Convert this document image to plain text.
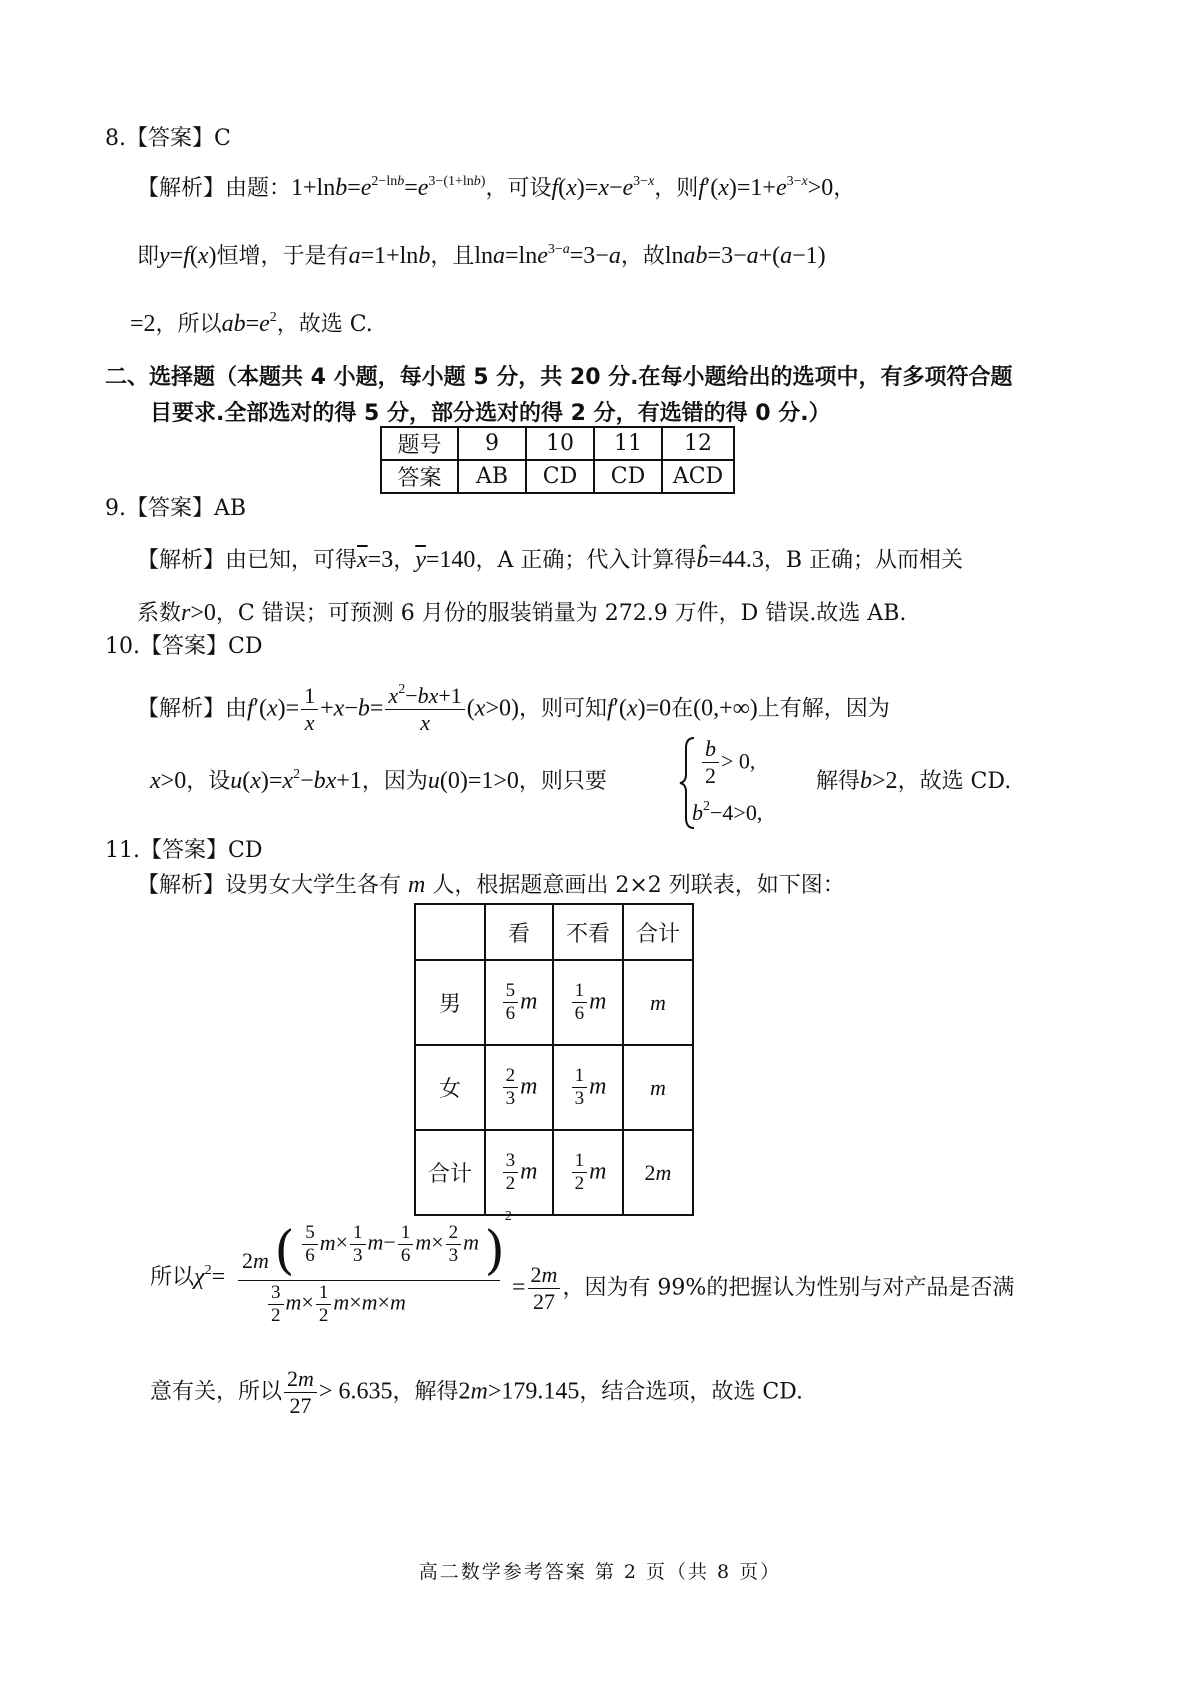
8.【答案】C
【解析】由题：$1+\ln b=e^{2-lnb}=e^{3-(1+lnb)}$，可设$f(x)=x-e^{3-x}$，则$f'(x)=1+e^{3-x}>0$，
即y=f(x)恒增，于是有a=1+lnb，且lna=lne$^{3-a}$=3−a，故lnab=3−a+(a−1)
=2，所以$ab=e^2$，故选 C.
二、选择题（本题共 4 小题，每小题 5 分，共 20 分.在每小题给出的选项中，有多项符合题
目要求.全部选对的得 5 分，部分选对的得 2 分，有选错的得 0 分.）
题号	9	10	11	12
答案	AB	CD	CD	ACD
9.【答案】AB
【解析】由已知，可得$\overline{x}=3$，$\overline{y}=140$，A 正确；代入计算得b̂=44.3，B 正确；从而相关
系数r>0，C 错误；可预测 6 月份的服装销量为 272.9 万件，D 错误.故选 AB.
10.【答案】CD
【解析】由$f'(x)= \frac{1}{x} +x-b= \frac{x^2-bx+1}{x} (x>0)$，则可知f′(x)=0在(0,+∞)上有解，因为
x>0，设$u(x)=x^2-bx+1$，因为u(0)=1>0，则只要	$\frac{b}{2} > 0$,
$b^2-4>0$,
解得b>2，故选 CD.
11.【答案】CD
【解析】设男女大学生各有 m 人，根据题意画出 2×2 列联表，如下图：
	看	不看	合计
男	$\frac{5}{6}$ m	$\frac{1}{6}$ m	m
女	$\frac{2}{3}$ m	$\frac{1}{3}$ m	m
合计	$\frac{3}{2}$ m	$\frac{1}{2}$ m	2m
所以$\chi^2=$
2m ( $\frac{5}{6} m\times \frac{1}{3} m- \frac{1}{6} m\times \frac{2}{3}$ m )$^2$
$\frac{3}{2} m\times \frac{1}{2} m\times m\times m$
= $\frac{2m}{27}$ ，因为有 99%的把握认为性别与对产品是否满
意有关，所以 $\frac{2m}{27} > 6.635$，解得2m>179.145，结合选项，故选 CD.
高二数学参考答案 第 2 页（共 8 页）
